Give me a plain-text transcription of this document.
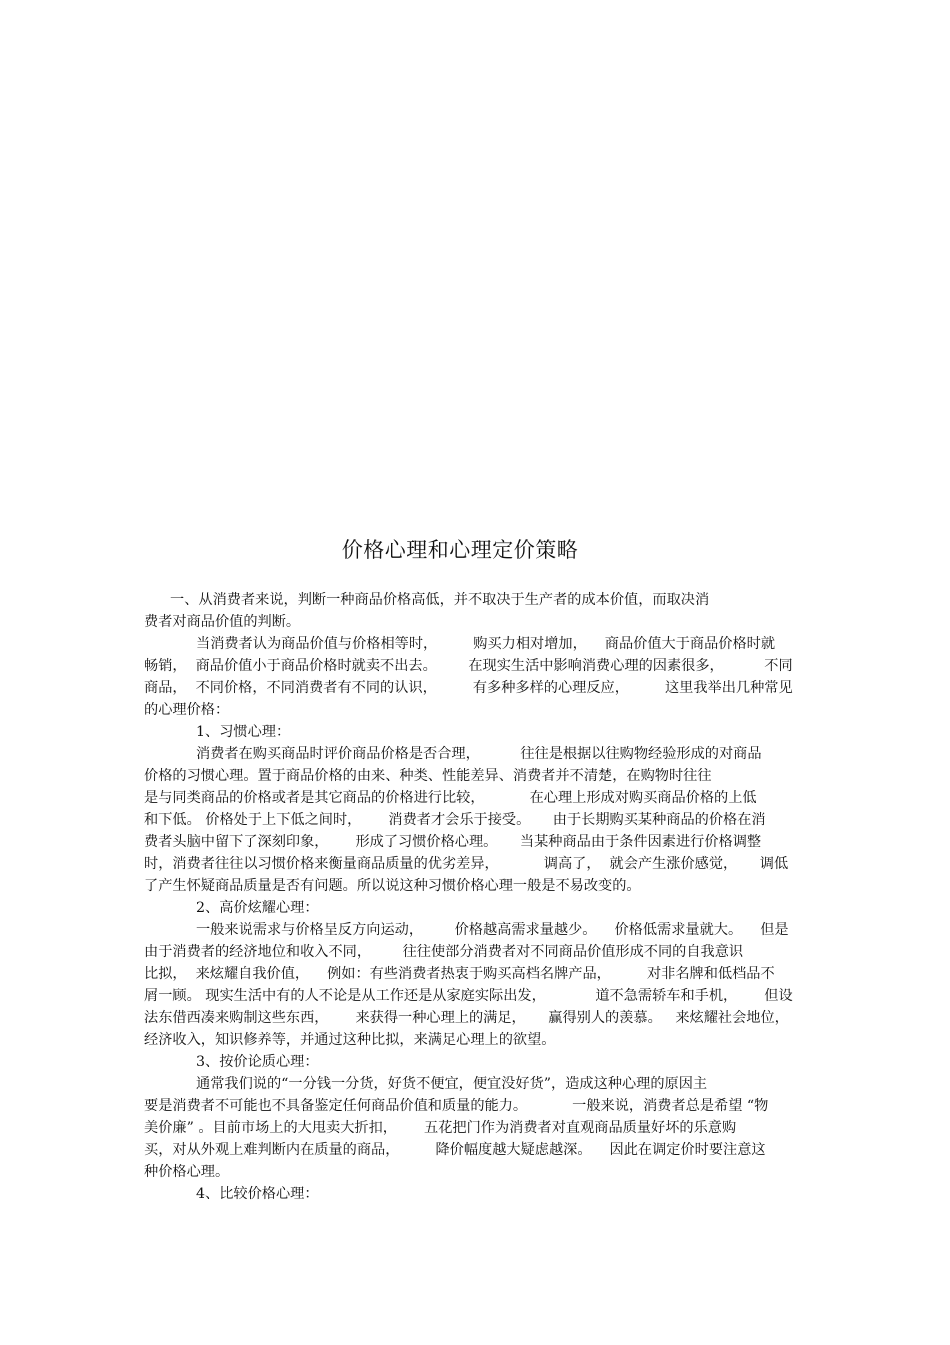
价格心理和心理定价策略

一、从消费者来说，判断一种商品价格高低，并不取决于生产者的成本价值，而取决消

费者对商品价值的判断。

当消费者认为商品价值与价格相等时，        购买力相对增加，    商品价值大于商品价格时就

畅销，  商品价值小于商品价格时就卖不出去。       在现实生活中影响消费心理的因素很多，         不同

商品，  不同价格，不同消费者有不同的认识，        有多种多样的心理反应，        这里我举出几种常见

的心理价格：

1、习惯心理：

消费者在购买商品时评价商品价格是否合理，         往往是根据以往购物经验形成的对商品

价格的习惯心理。置于商品价格的由来、种类、性能差异、消费者并不清楚，在购物时往往

是与同类商品的价格或者是其它商品的价格进行比较，          在心理上形成对购买商品价格的上低

和下低。 价格处于上下低之间时，      消费者才会乐于接受。     由于长期购买某种商品的价格在消

费者头脑中留下了深刻印象，      形成了习惯价格心理。     当某种商品由于条件因素进行价格调整

时，消费者往往以习惯价格来衡量商品质量的优劣差异，          调高了，  就会产生涨价感觉，     调低

了产生怀疑商品质量是否有问题。所以说这种习惯价格心理一般是不易改变的。

2、高价炫耀心理：

一般来说需求与价格呈反方向运动，       价格越高需求量越少。    价格低需求量就大。    但是

由于消费者的经济地位和收入不同，       往往使部分消费者对不同商品价值形成不同的自我意识

比拟，  来炫耀自我价值，    例如：有些消费者热衷于购买高档名牌产品，        对非名牌和低档品不

屑一顾。 现实生活中有的人不论是从工作还是从家庭实际出发，           道不急需轿车和手机，      但设

法东借西凑来购制这些东西，      来获得一种心理上的满足，     赢得别人的羡慕。   来炫耀社会地位，

经济收入，知识修养等，并通过这种比拟，来满足心理上的欲望。

3、按价论质心理：

通常我们说的“一分钱一分货，好货不便宜，便宜没好货”，造成这种心理的原因主

要是消费者不可能也不具备鉴定任何商品价值和质量的能力。          一般来说，消费者总是希望 “物

美价廉” 。目前市场上的大甩卖大折扣，      五花把门作为消费者对直观商品质量好坏的乐意购

买，对从外观上难判断内在质量的商品，        降价幅度越大疑虑越深。    因此在调定价时要注意这

种价格心理。

4、比较价格心理：
